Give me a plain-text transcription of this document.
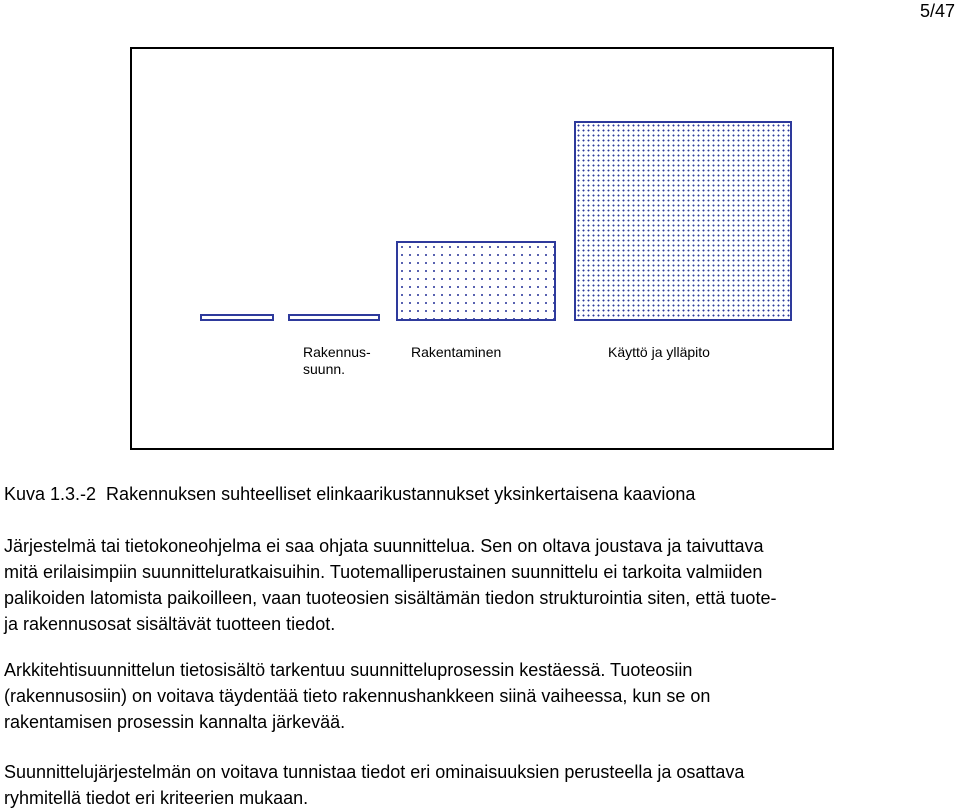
5/47
Rakennus-
suunn.
Rakentaminen	Käyttö ja ylläpito
Kuva 1.3.-2  Rakennuksen suhteelliset elinkaarikustannukset yksinkertaisena kaaviona
Järjestelmä tai tietokoneohjelma ei saa ohjata suunnittelua. Sen on oltava joustava ja taivuttava
mitä erilaisimpiin suunnitteluratkaisuihin. Tuotemalliperustainen suunnittelu ei tarkoita valmiiden
palikoiden latomista paikoilleen, vaan tuoteosien sisältämän tiedon strukturointia siten, että tuote-
ja rakennusosat sisältävät tuotteen tiedot.
Arkkitehtisuunnittelun tietosisältö tarkentuu suunnitteluprosessin kestäessä. Tuoteosiin
(rakennusosiin) on voitava täydentää tieto rakennushankkeen siinä vaiheessa, kun se on
rakentamisen prosessin kannalta järkevää.
Suunnittelujärjestelmän on voitava tunnistaa tiedot eri ominaisuuksien perusteella ja osattava
ryhmitellä tiedot eri kriteerien mukaan.
